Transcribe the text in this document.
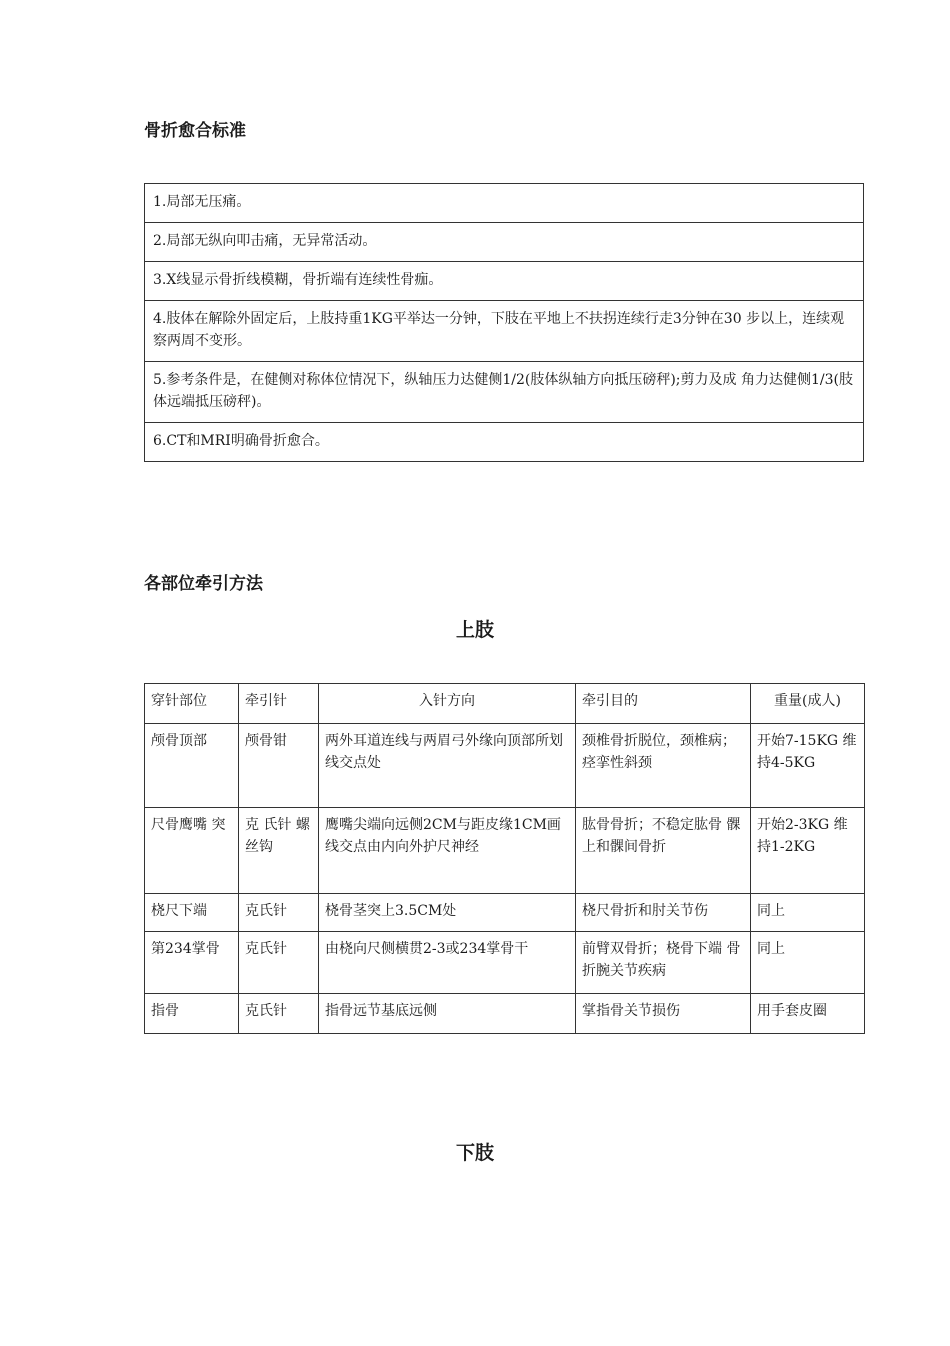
骨折愈合标准
1.局部无压痛。
2.局部无纵向叩击痛，无异常活动。
3.X线显示骨折线模糊，骨折端有连续性骨痂。
4.肢体在解除外固定后，上肢持重1KG平举达一分钟，下肢在平地上不扶拐连续行走3分钟在30 步以上，连续观察两周不变形。
5.参考条件是，在健侧对称体位情况下，纵轴压力达健侧1/2(肢体纵轴方向抵压磅秤);剪力及成 角力达健侧1/3(肢体远端抵压磅秤)。
6.CT和MRI明确骨折愈合。
各部位牵引方法
上肢
穿针部位	牵引针	入针方向	牵引目的	重量(成人)
颅骨顶部	颅骨钳	两外耳道连线与两眉弓外缘向顶部所划线交点处	颈椎骨折脱位，颈椎病； 痉挛性斜颈	开始7-15KG 维持4-5KG
尺骨鹰嘴 突	克 氏针 螺丝钩	鹰嘴尖端向远侧2CM与距皮缘1CM画线交点由内向外护尺神经	肱骨骨折；不稳定肱骨 髁上和髁间骨折	开始2-3KG 维持1-2KG
桡尺下端	克氏针	桡骨茎突上3.5CM处	桡尺骨折和肘关节伤	同上
第234掌骨	克氏针	由桡向尺侧横贯2-3或234掌骨干	前臂双骨折；桡骨下端 骨折腕关节疾病	同上
指骨	克氏针	指骨远节基底远侧	掌指骨关节损伤	用手套皮圈
下肢
